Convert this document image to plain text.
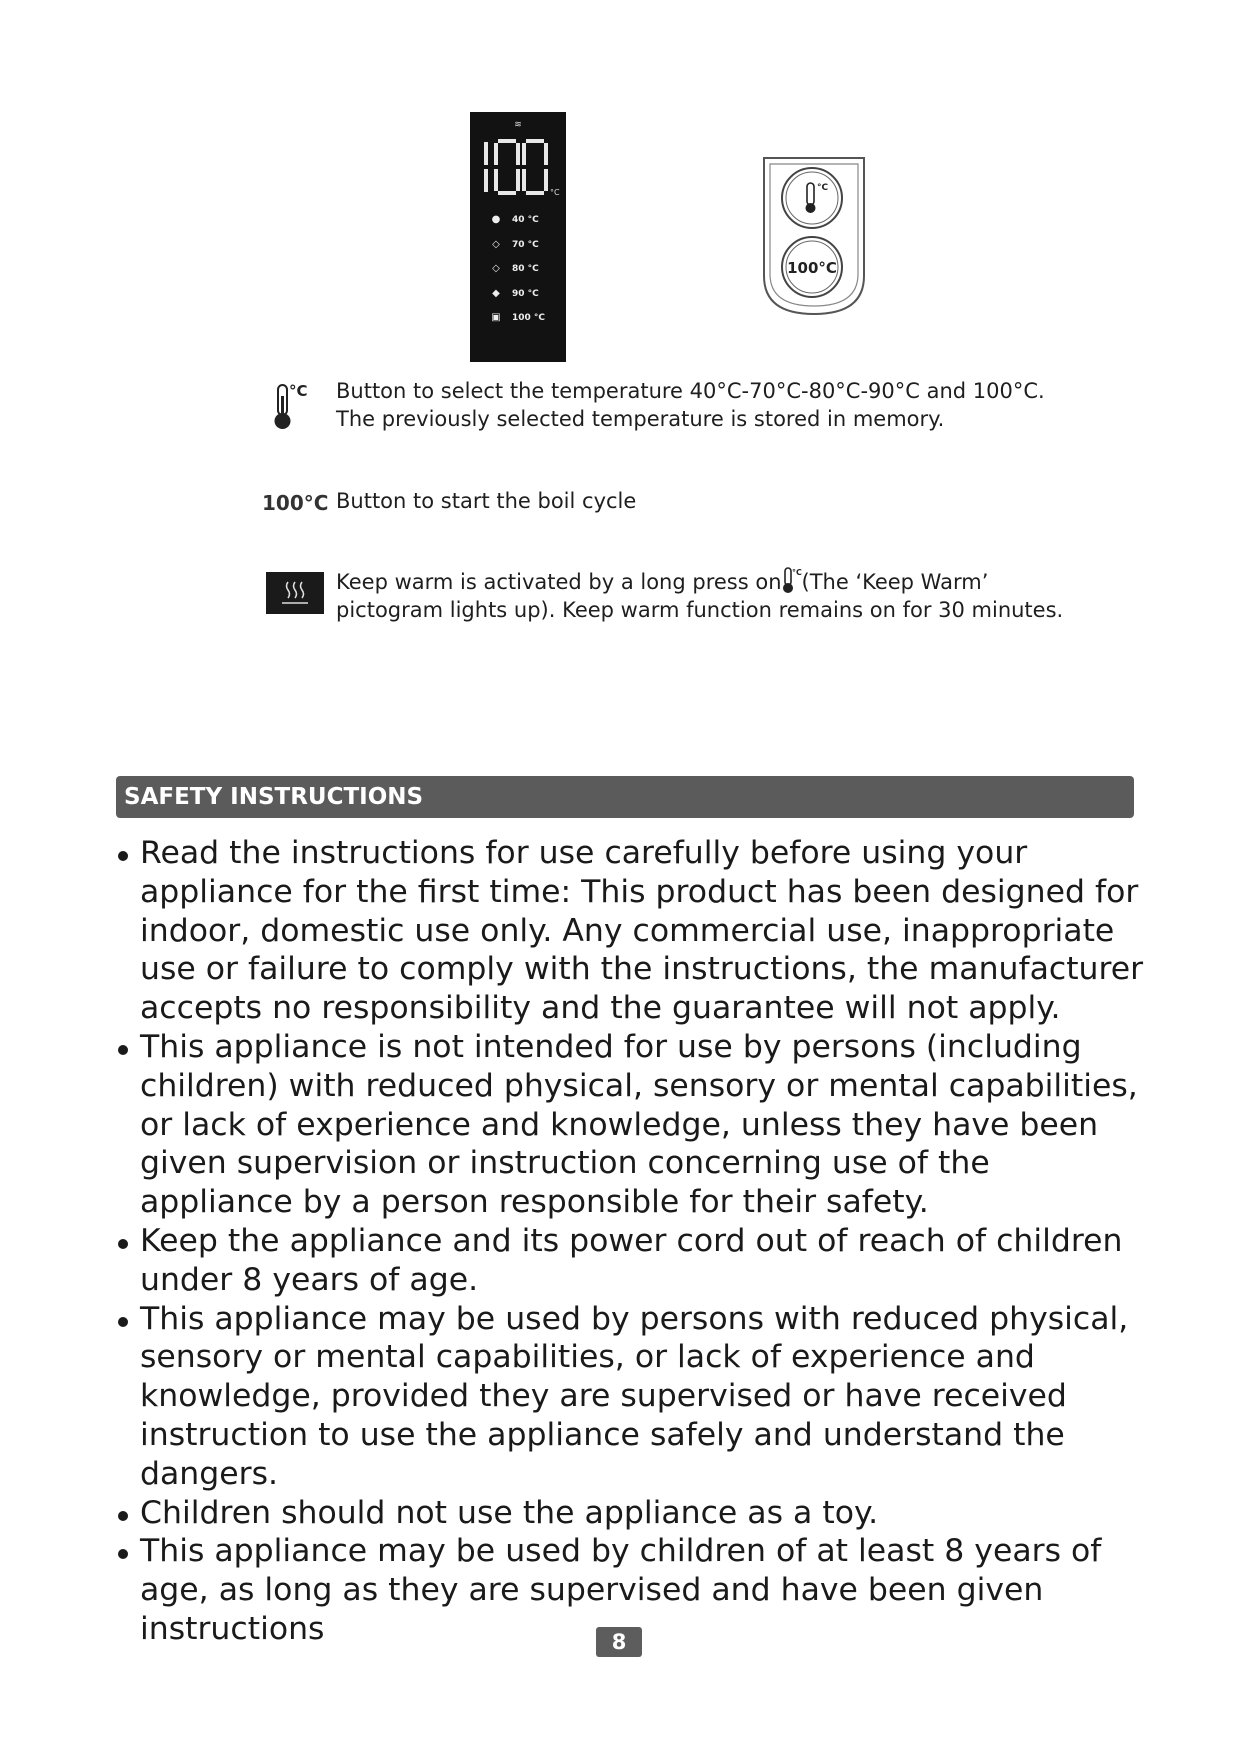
≋
°C
● 40 °C
◇ 70 °C
◇ 80 °C
◆ 90 °C
▣ 100 °C
°C
100°C
°C Button to select the temperature 40°C-70°C-80°C-90°C and 100°C.

The previously selected temperature is stored in memory.

100°C Button to start the boil cycle

Keep warm is activated by a long press on °C (The ‘Keep Warm’

pictogram lights up). Keep warm function remains on for 30 minutes.

SAFETY INSTRUCTIONS
Read the instructions for use carefully before using your appliance for the first time: This product has been designed for indoor, domestic use only. Any commercial use, inappropriate use or failure to comply with the instructions, the manufacturer accepts no responsibility and the guarantee will not apply.
This appliance is not intended for use by persons (including children) with reduced physical, sensory or mental capabilities, or lack of experience and knowledge, unless they have been given supervision or instruction concerning use of the appliance by a person responsible for their safety.
Keep the appliance and its power cord out of reach of children under 8 years of age.
This appliance may be used by persons with reduced physical, sensory or mental capabilities, or lack of experience and knowledge, provided they are supervised or have received instruction to use the appliance safely and understand the dangers.
Children should not use the appliance as a toy.
This appliance may be used by children of at least 8 years of age, as long as they are supervised and have been given instructions	8
